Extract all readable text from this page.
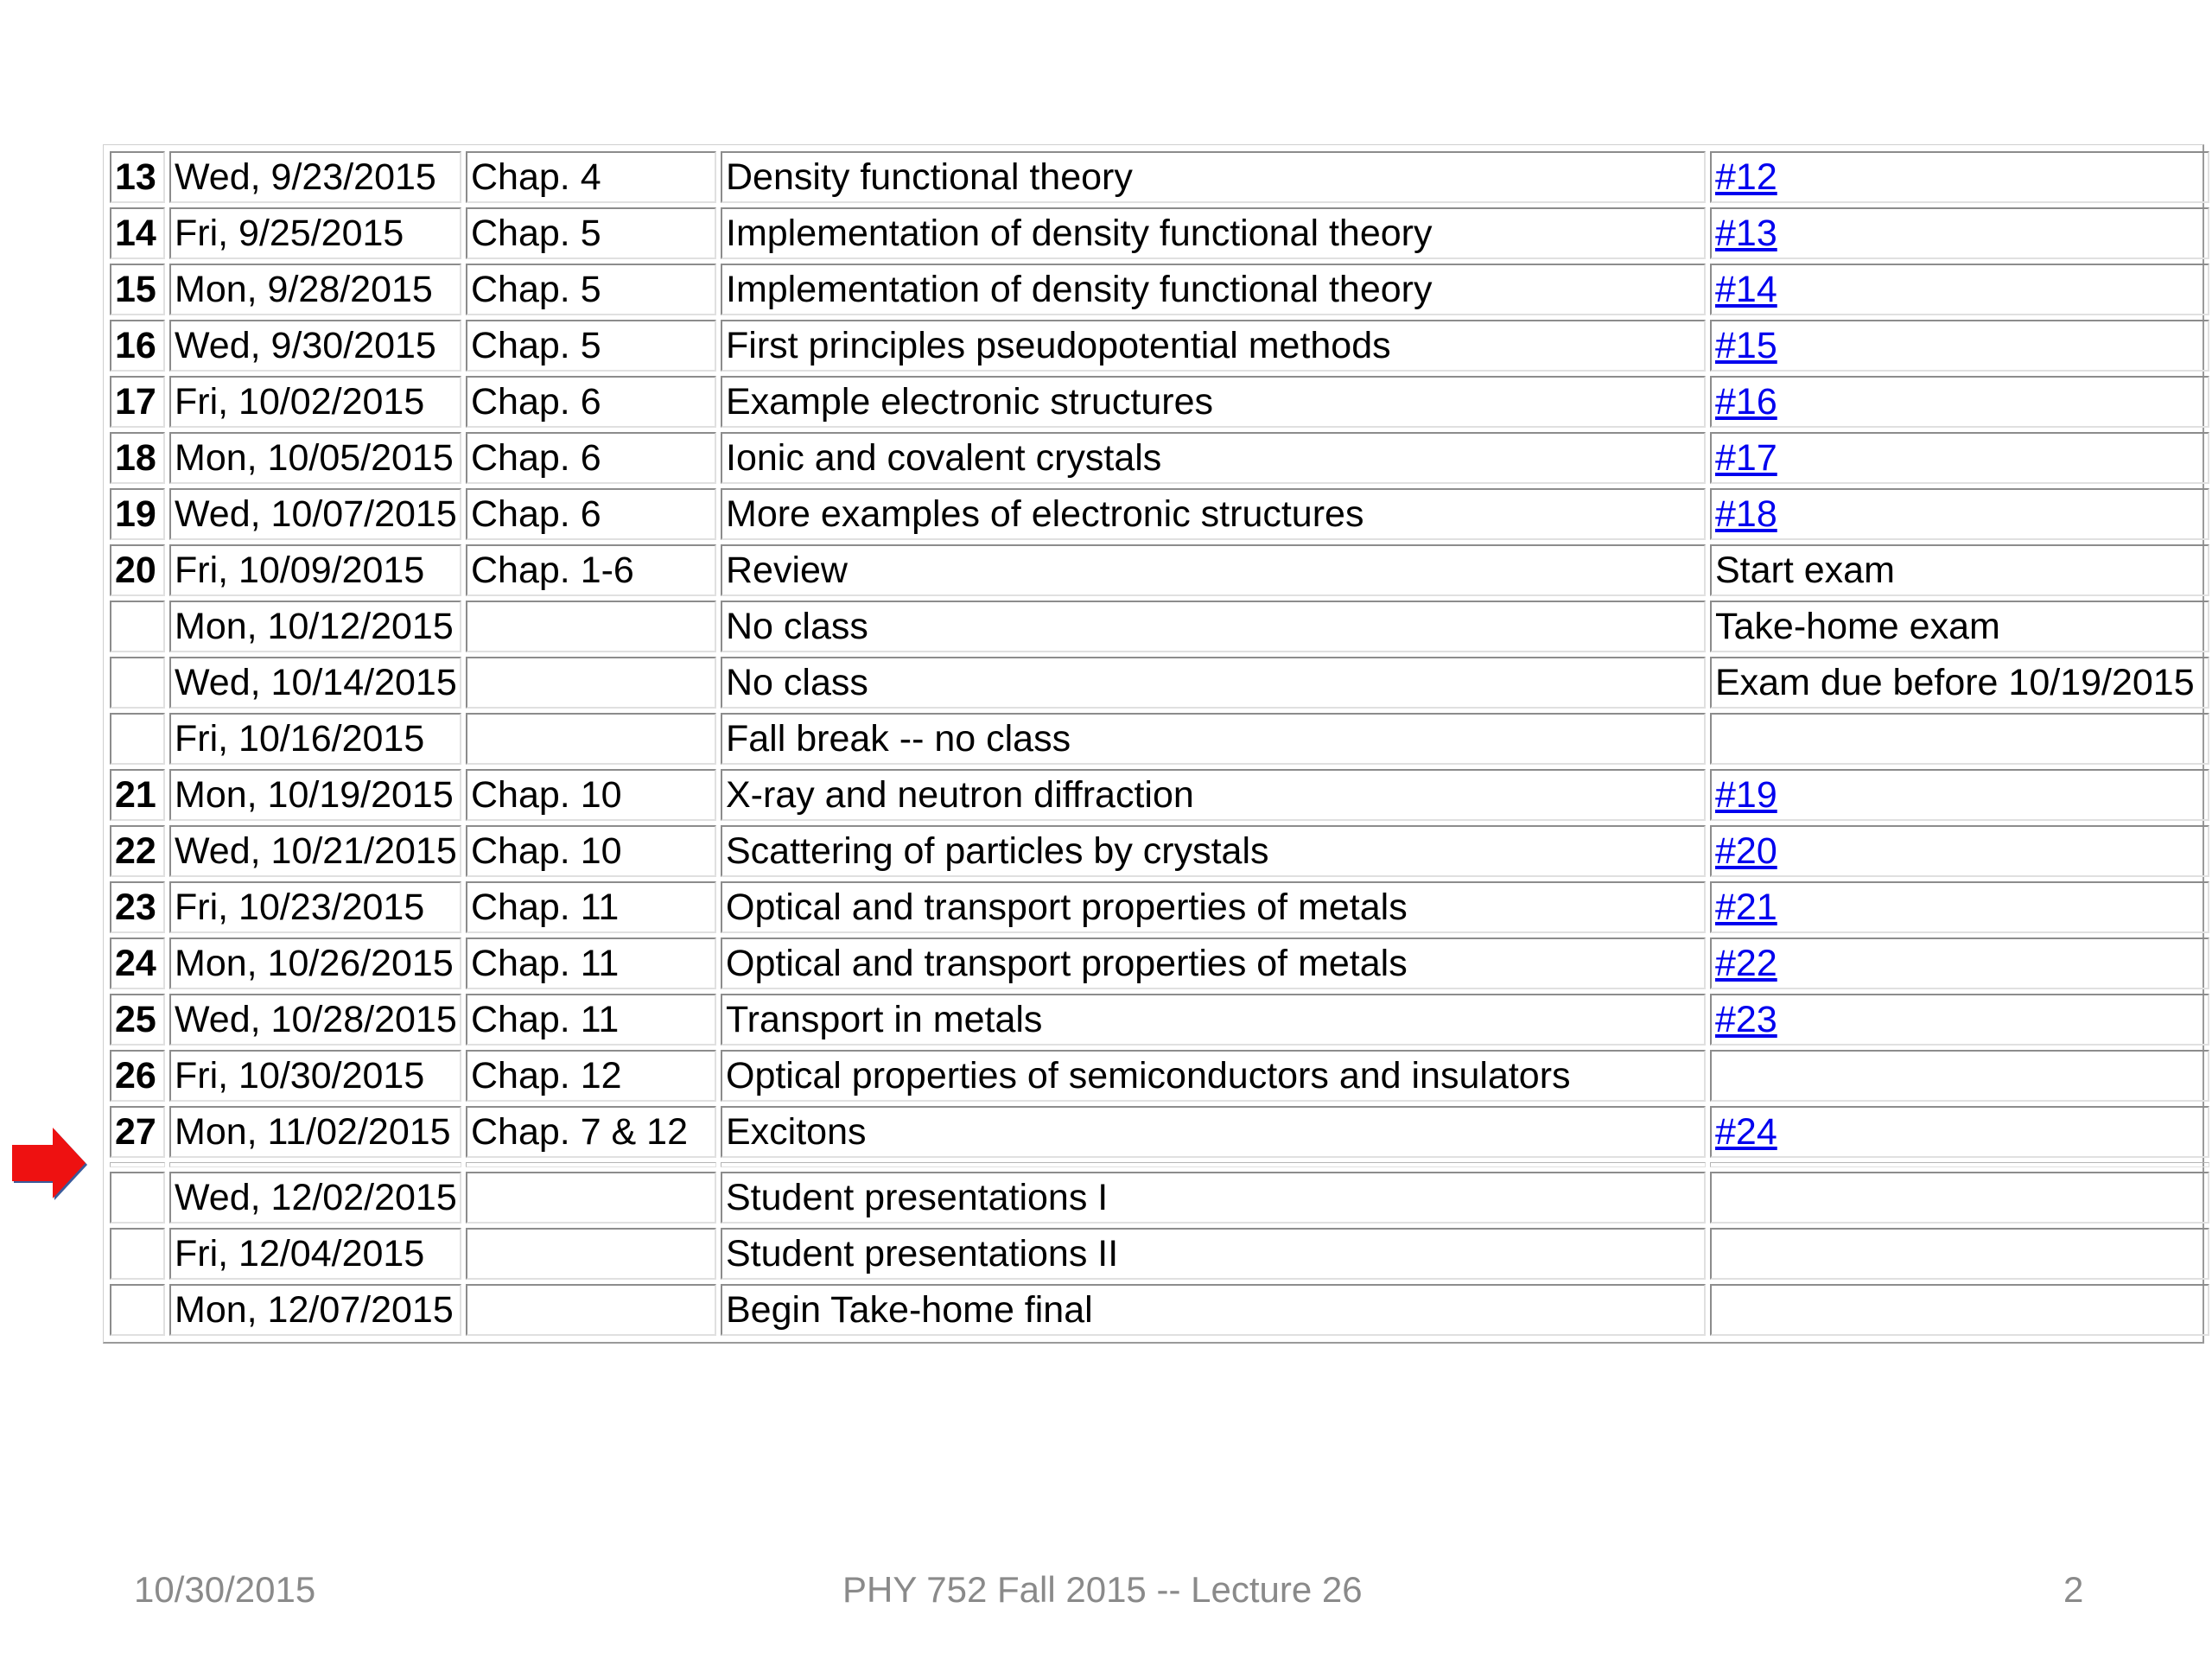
13	Wed, 9/23/2015	Chap. 4	Density functional theory	#12
14	Fri, 9/25/2015	Chap. 5	Implementation of density functional theory	#13
15	Mon, 9/28/2015	Chap. 5	Implementation of density functional theory	#14
16	Wed, 9/30/2015	Chap. 5	First principles pseudopotential methods	#15
17	Fri, 10/02/2015	Chap. 6	Example electronic structures	#16
18	Mon, 10/05/2015	Chap. 6	Ionic and covalent crystals	#17
19	Wed, 10/07/2015	Chap. 6	More examples of electronic structures	#18
20	Fri, 10/09/2015	Chap. 1-6	Review	Start exam
	Mon, 10/12/2015		No class	Take-home exam
	Wed, 10/14/2015		No class	Exam due before 10/19/2015
	Fri, 10/16/2015		Fall break -- no class	
21	Mon, 10/19/2015	Chap. 10	X-ray and neutron diffraction	#19
22	Wed, 10/21/2015	Chap. 10	Scattering of particles by crystals	#20
23	Fri, 10/23/2015	Chap. 11	Optical and transport properties of metals	#21
24	Mon, 10/26/2015	Chap. 11	Optical and transport properties of metals	#22
25	Wed, 10/28/2015	Chap. 11	Transport in metals	#23
26	Fri, 10/30/2015	Chap. 12	Optical properties of semiconductors and insulators	
27	Mon, 11/02/2015	Chap. 7 & 12	Excitons	#24

	Wed, 12/02/2015		Student presentations I	
	Fri, 12/04/2015		Student presentations II	
	Mon, 12/07/2015		Begin Take-home final	
10/30/2015	PHY 752 Fall 2015 -- Lecture 26	2
